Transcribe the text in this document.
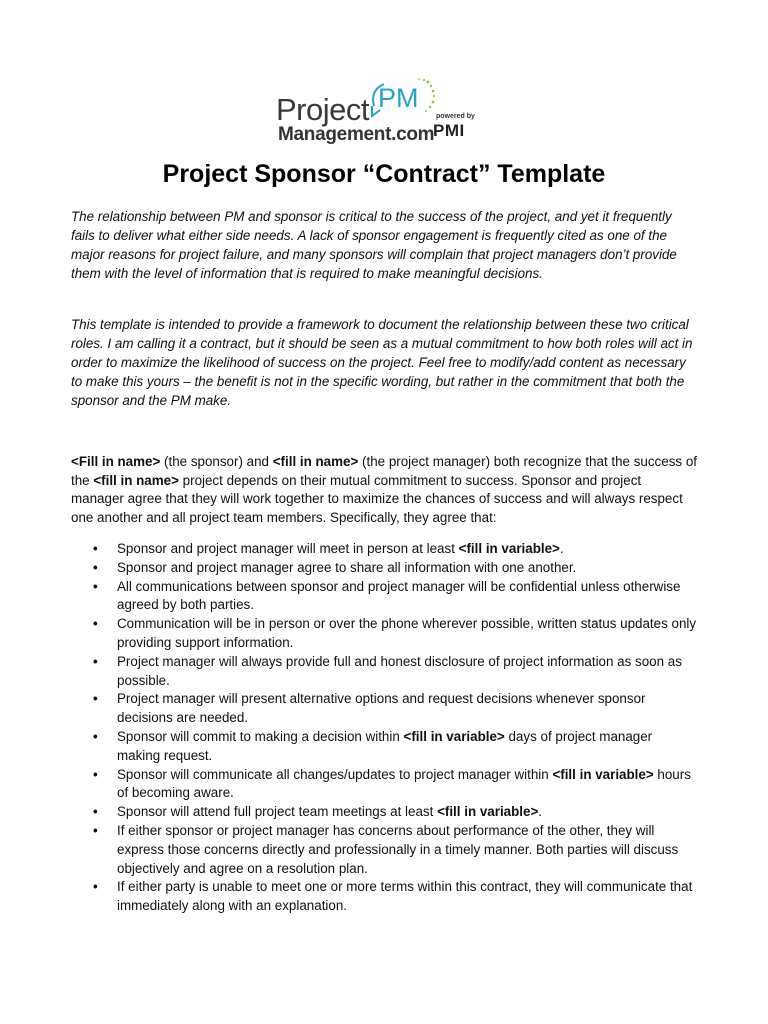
Project PM
Management.com
powered by
PMI
Project Sponsor “Contract” Template

The relationship between PM and sponsor is critical to the success of the project, and yet it frequently fails to deliver what either side needs. A lack of sponsor engagement is frequently cited as one of the major reasons for project failure, and many sponsors will complain that project managers don’t provide them with the level of information that is required to make meaningful decisions.

This template is intended to provide a framework to document the relationship between these two critical roles. I am calling it a contract, but it should be seen as a mutual commitment to how both roles will act in order to maximize the likelihood of success on the project. Feel free to modify/add content as necessary to make this yours – the benefit is not in the specific wording, but rather in the commitment that both the sponsor and the PM make.

<Fill in name> (the sponsor) and <fill in name> (the project manager) both recognize that the success of the <fill in name> project depends on their mutual commitment to success. Sponsor and project manager agree that they will work together to maximize the chances of success and will always respect one another and all project team members. Specifically, they agree that:

• Sponsor and project manager will meet in person at least <fill in variable>.
• Sponsor and project manager agree to share all information with one another.
• All communications between sponsor and project manager will be confidential unless otherwise agreed by both parties.
• Communication will be in person or over the phone wherever possible, written status updates only providing support information.
• Project manager will always provide full and honest disclosure of project information as soon as possible.
• Project manager will present alternative options and request decisions whenever sponsor decisions are needed.
• Sponsor will commit to making a decision within <fill in variable> days of project manager making request.
• Sponsor will communicate all changes/updates to project manager within <fill in variable> hours of becoming aware.
• Sponsor will attend full project team meetings at least <fill in variable>.
• If either sponsor or project manager has concerns about performance of the other, they will express those concerns directly and professionally in a timely manner. Both parties will discuss objectively and agree on a resolution plan.
• If either party is unable to meet one or more terms within this contract, they will communicate that immediately along with an explanation.
